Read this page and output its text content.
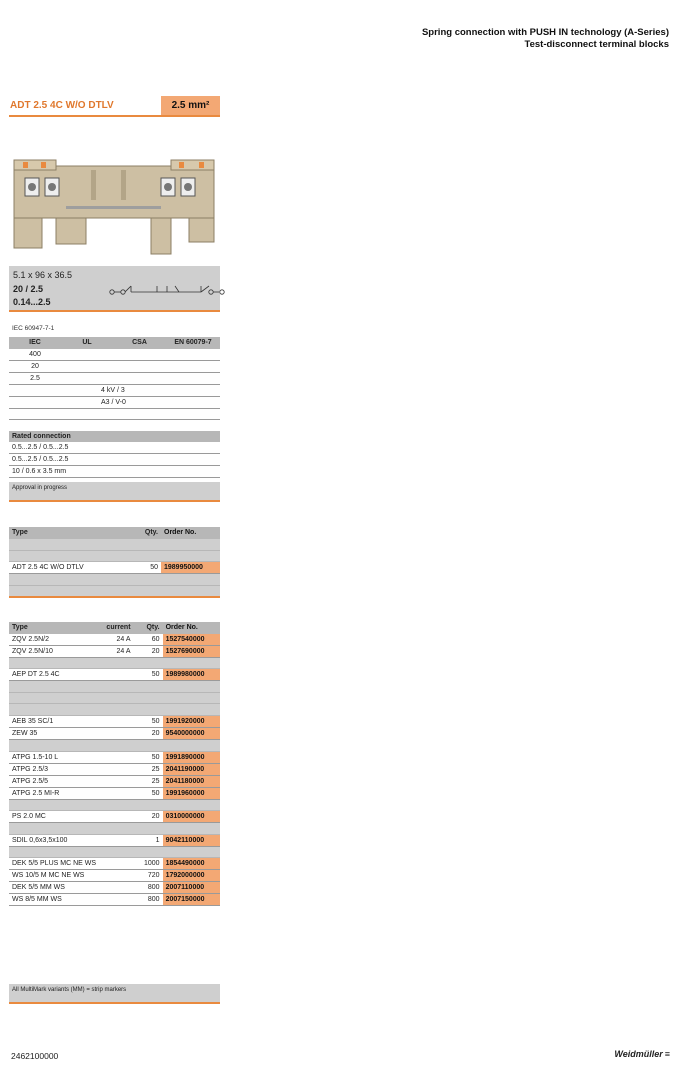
Spring connection with PUSH IN technology (A-Series)
Test-disconnect terminal blocks
ADT 2.5 4C W/O DTLV	2.5 mm²
5.1 x 96 x 36.5
20 / 2.5
0.14...2.5
IEC 60947-7-1
IEC	UL	CSA	EN 60079-7
400			
20			
2.5			
	4 kV / 3		
	A3 / V-0		

Rated connection
0.5...2.5 / 0.5...2.5
0.5...2.5 / 0.5...2.5
10 / 0.6 x 3.5 mm
Approval in progress
Type		Qty.	Order No.

ADT 2.5 4C W/O DTLV		50	1989950000

Type	current	Qty.	Order No.
ZQV 2.5N/2	24 A	60	1527540000
ZQV 2.5N/10	24 A	20	1527690000

AEP DT 2.5 4C		50	1989980000

AEB 35 SC/1		50	1991920000
ZEW 35		20	9540000000

ATPG 1.5-10 L		50	1991890000
ATPG 2.5/3		25	2041190000
ATPG 2.5/5		25	2041180000
ATPG 2.5 MI-R		50	1991960000

PS 2.0 MC		20	0310000000

SDIL 0,6x3,5x100		1	9042110000

DEK 5/5 PLUS MC NE WS		1000	1854490000
WS 10/5 M MC NE WS		720	1792000000
DEK 5/5 MM WS		800	2007110000
WS 8/5 MM WS		800	2007150000
All MultiMark variants (MM) = strip markers
2462100000	Weidmüller ≡
